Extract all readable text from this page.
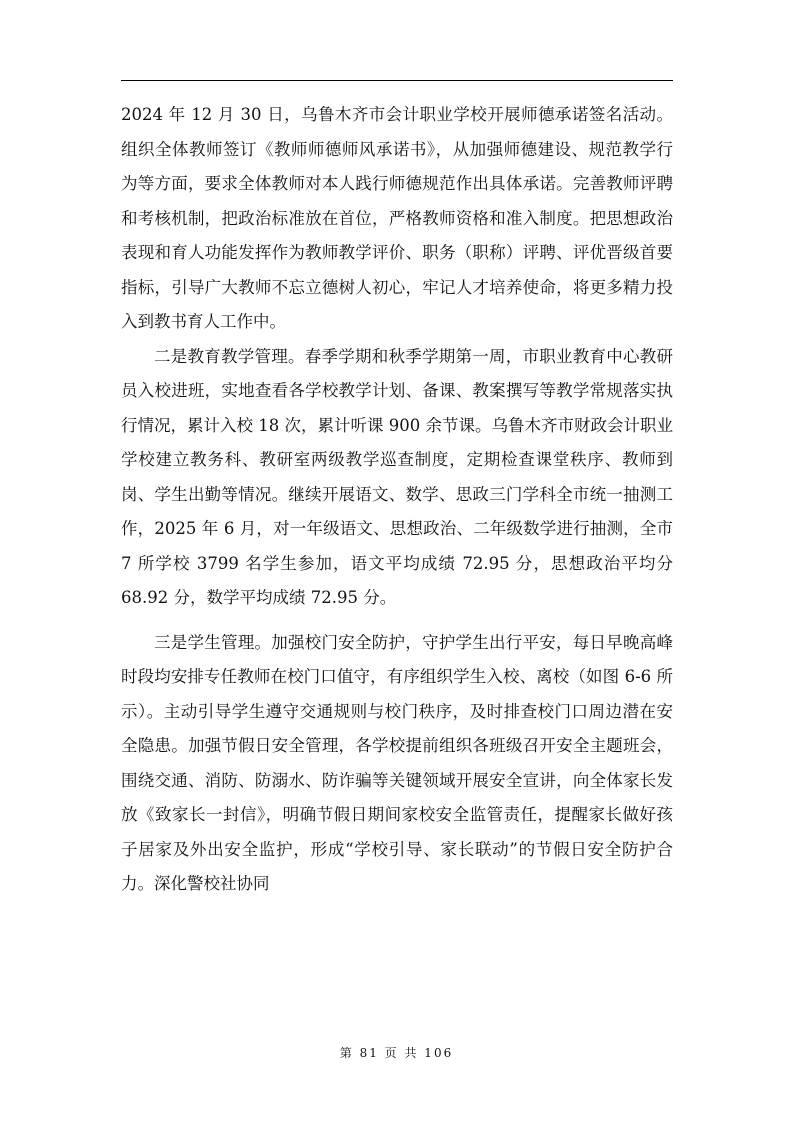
2024 年 12 月 30 日，乌鲁木齐市会计职业学校开展师德承诺签名活动。组织全体教师签订《教师师德师风承诺书》，从加强师德建设、规范教学行为等方面，要求全体教师对本人践行师德规范作出具体承诺。完善教师评聘和考核机制，把政治标准放在首位，严格教师资格和准入制度。把思想政治表现和育人功能发挥作为教师教学评价、职务（职称）评聘、评优晋级首要指标，引导广大教师不忘立德树人初心，牢记人才培养使命，将更多精力投入到教书育人工作中。

二是教育教学管理。春季学期和秋季学期第一周，市职业教育中心教研员入校进班，实地查看各学校教学计划、备课、教案撰写等教学常规落实执行情况，累计入校 18 次，累计听课 900 余节课。乌鲁木齐市财政会计职业学校建立教务科、教研室两级教学巡查制度，定期检查课堂秩序、教师到岗、学生出勤等情况。继续开展语文、数学、思政三门学科全市统一抽测工作，2025 年 6 月，对一年级语文、思想政治、二年级数学进行抽测，全市 7 所学校 3799 名学生参加，语文平均成绩 72.95 分，思想政治平均分 68.92 分，数学平均成绩 72.95 分。

三是学生管理。加强校门安全防护，守护学生出行平安，每日早晚高峰时段均安排专任教师在校门口值守，有序组织学生入校、离校（如图 6-6 所示）。主动引导学生遵守交通规则与校门秩序，及时排查校门口周边潜在安全隐患。加强节假日安全管理，各学校提前组织各班级召开安全主题班会，围绕交通、消防、防溺水、防诈骗等关键领域开展安全宣讲，向全体家长发放《致家长一封信》，明确节假日期间家校安全监管责任，提醒家长做好孩子居家及外出安全监护，形成“学校引导、家长联动”的节假日安全防护合力。深化警校社协同

第 81 页 共 106
